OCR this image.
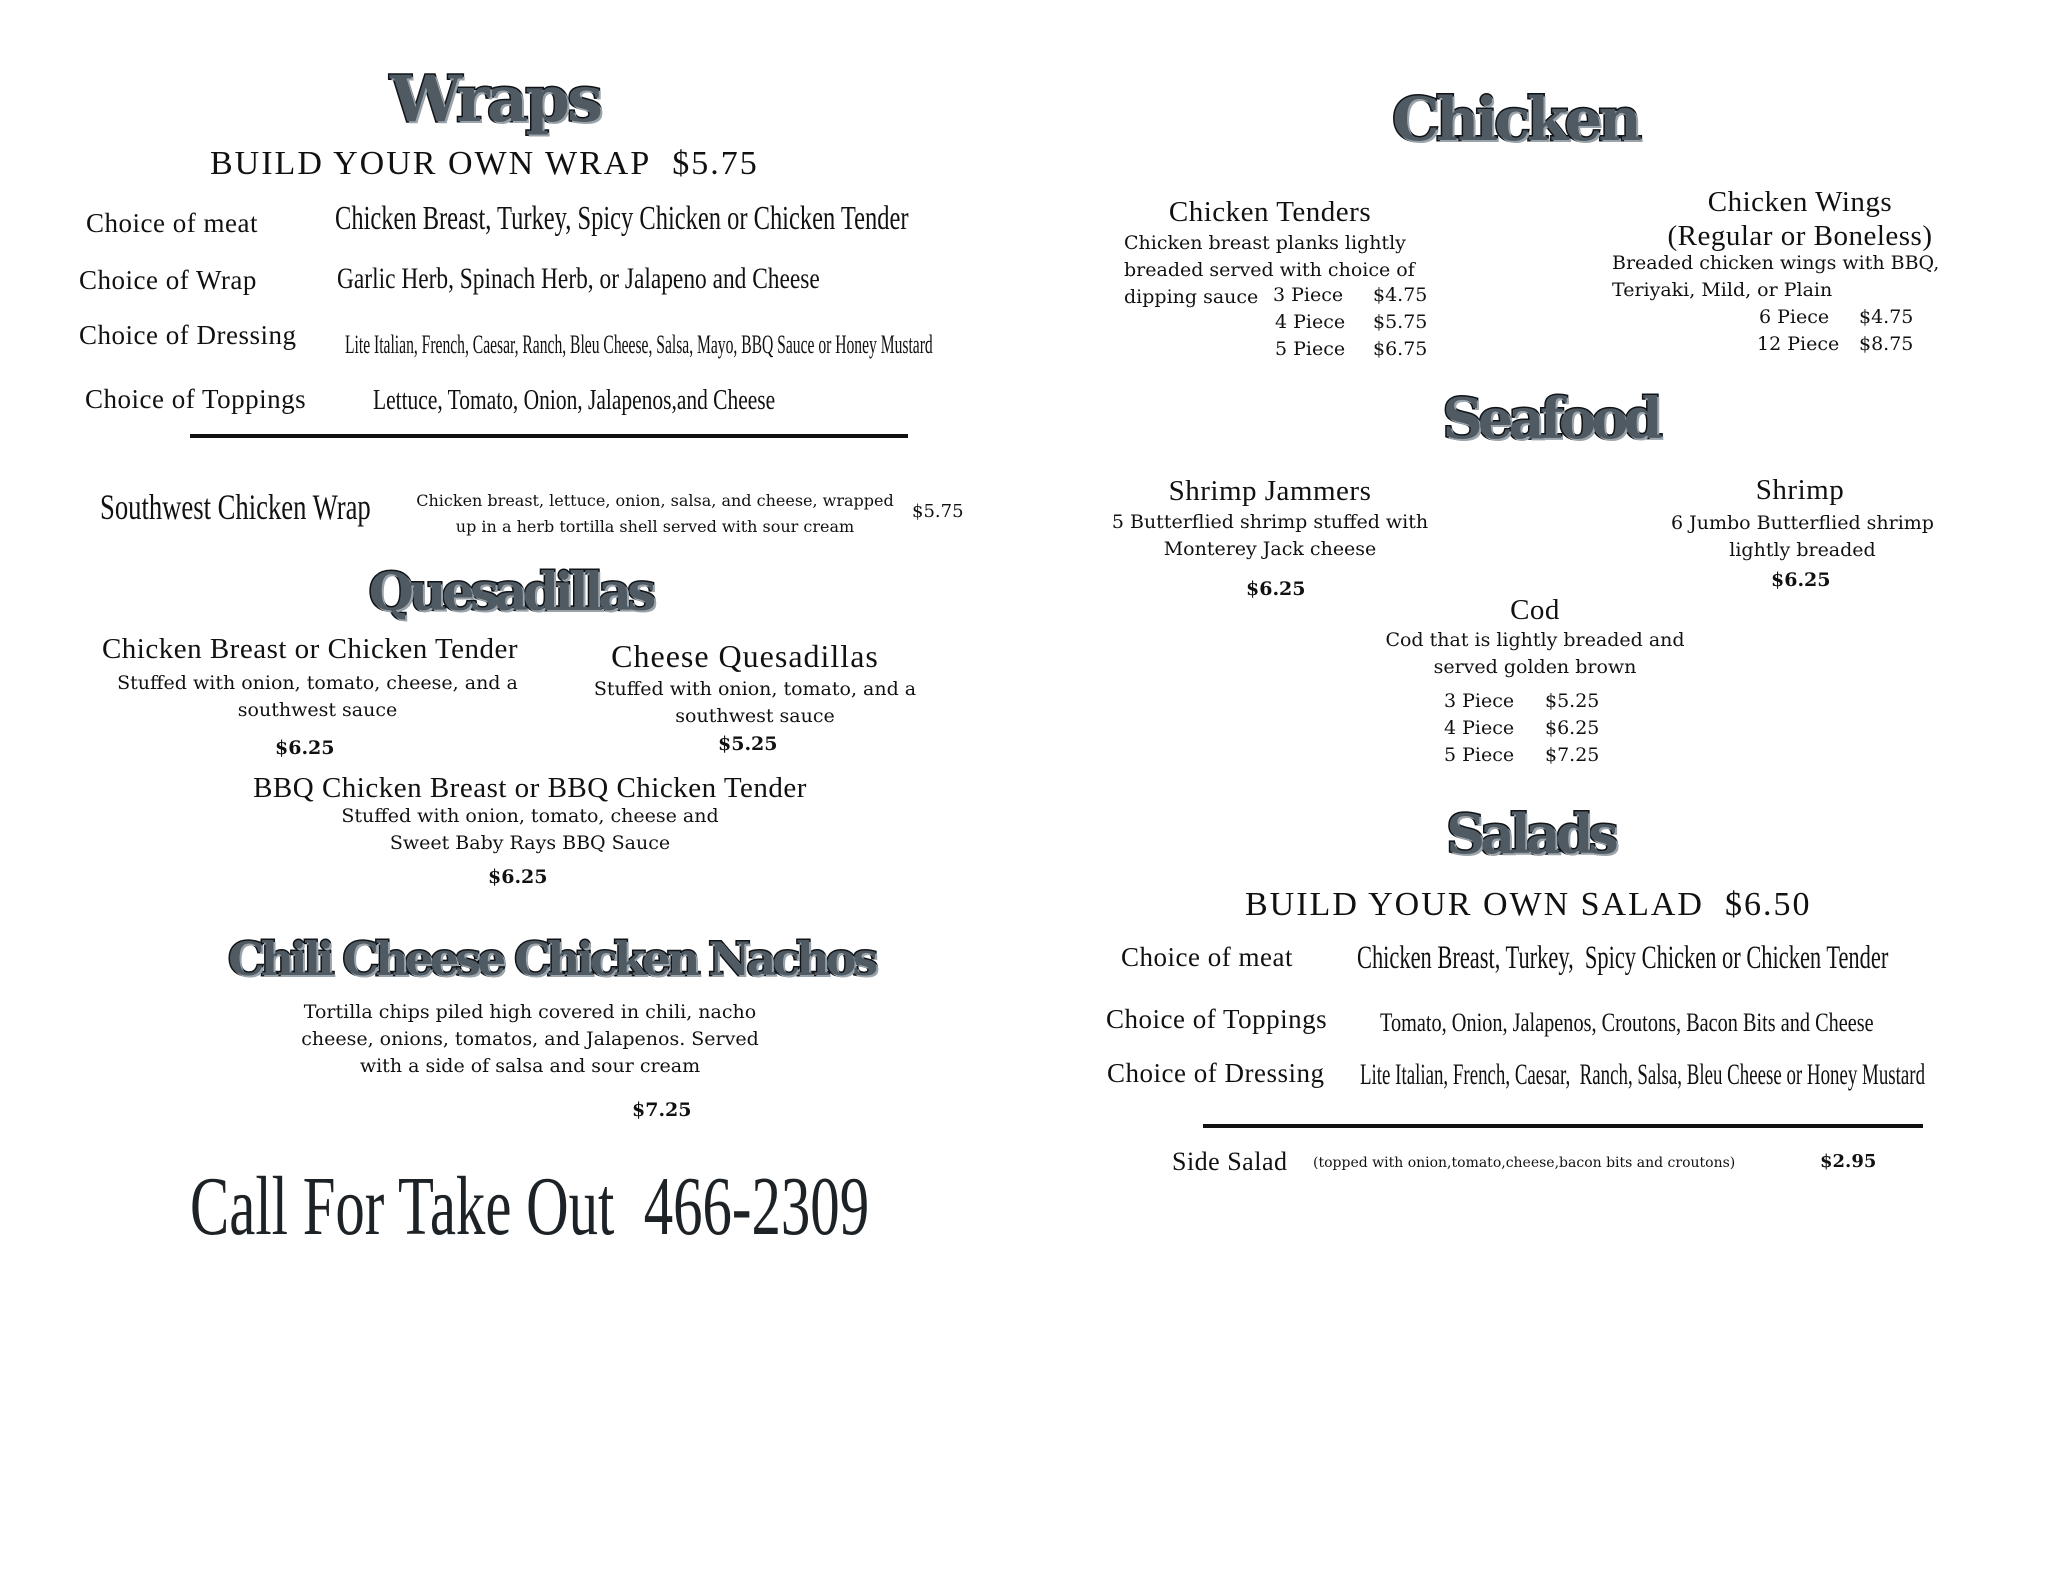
Wraps
BUILD YOUR OWN WRAP $5.75
Choice of meat Chicken Breast, Turkey, Spicy Chicken or Chicken Tender
Choice of Wrap	Garlic Herb, Spinach Herb, or Jalapeno and Cheese
Choice of Dressing Lite Italian, French, Caesar, Ranch, Bleu Cheese, Salsa, Mayo, BBQ Sauce or Honey Mustard
Choice of Toppings Lettuce, Tomato, Onion, Jalapenos,and Cheese
Southwest Chicken Wrap	Chicken breast, lettuce, onion, salsa, and cheese, wrapped
up in a herb tortilla shell served with sour cream
$5.75
Quesadillas
Chicken Breast or Chicken Tender
Stuffed with onion, tomato, cheese, and a
southwest sauce
$6.25
Cheese Quesadillas
Stuffed with onion, tomato, and a
southwest sauce
$5.25
BBQ Chicken Breast or BBQ Chicken Tender
Stuffed with onion, tomato, cheese and
Sweet Baby Rays BBQ Sauce
$6.25
Chili Cheese Chicken Nachos
Tortilla chips piled high covered in chili, nacho
cheese, onions, tomatos, and Jalapenos. Served
with a side of salsa and sour cream
$7.25
Call For Take Out  466-2309
Chicken
Chicken Tenders
Chicken breast planks lightly
breaded served with choice of
dipping sauce 3 Piece $4.75
4 Piece $5.75
5 Piece $6.75
Chicken Wings
(Regular or Boneless)
Breaded chicken wings with BBQ,
Teriyaki, Mild, or Plain
6 Piece $4.75
12 Piece $8.75
Seafood
Shrimp Jammers
5 Butterflied shrimp stuffed with
Monterey Jack cheese
$6.25
Shrimp
6 Jumbo Butterflied shrimp
lightly breaded
$6.25
Cod
Cod that is lightly breaded and
served golden brown
3 Piece $5.25
4 Piece $6.25
5 Piece $7.25
Salads
BUILD YOUR OWN SALAD $6.50
Choice of meat Chicken Breast, Turkey,  Spicy Chicken or Chicken Tender
Choice of Toppings Tomato, Onion, Jalapenos, Croutons, Bacon Bits and Cheese
Choice of Dressing Lite Italian, French, Caesar,  Ranch, Salsa, Bleu Cheese or Honey Mustard
Side Salad (topped with onion,tomato,cheese,bacon bits and croutons)	$2.95
